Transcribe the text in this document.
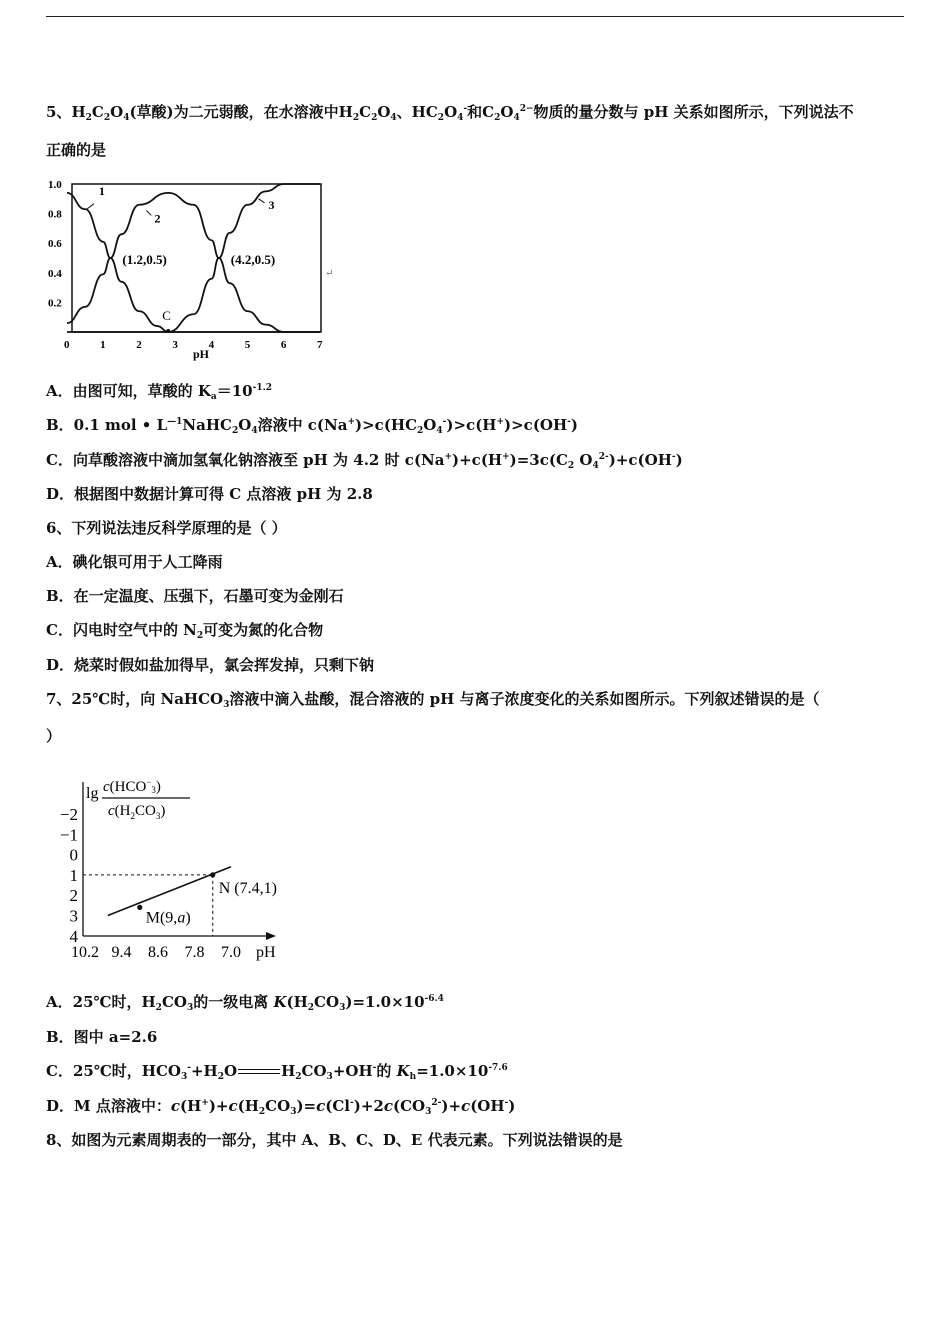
5、$H_2C_2O_4$(草酸)为二元弱酸，在水溶液中$H_2C_2O_4$、$HC_2O_4^-$和$C_2O_4^{2-}$物质的量分数与 pH 关系如图所示，下列说法不
正确的是
1.0
0.8
0.6
0.4
0.2
0	1	2	3	4	5	6	7
1
2
3
(1.2,0.5)	(4.2,0.5)
C
pH
↵
A．由图可知，草酸的 $K_a=10^{-1.2}$
B．0.1 mol • $L^{—1}NaHC_2O_4$溶液中 $c(Na^+)>c(HC_2O_4^-)>c(H^+)>c(OH^-)$
C．向草酸溶液中滴加氢氧化钠溶液至 pH 为 4.2 时 $c(Na^+)+c(H^+)=3c(C_2$ $O_4^{2-})+c(OH^-)$
D．根据图中数据计算可得 C 点溶液 pH 为 2.8
6、下列说法违反科学原理的是（ ）
A．碘化银可用于人工降雨
B．在一定温度、压强下，石墨可变为金刚石
C．闪电时空气中的 $N_2$可变为氮的化合物
D．烧菜时假如盐加得早，氯会挥发掉，只剩下钠
7、25℃时，向 NaHCO$_3$溶液中滴入盐酸，混合溶液的 pH 与离子浓度变化的关系如图所示。下列叙述错误的是（
）
$\lg c(HCO^-_3)$
$c(H_2CO_3)$
−2
−1
0
1
2
3
4
10.2 9.4 8.6 7.8 7.0
M(9,a)
N (7.4,1)
pH
A．25℃时，$H_2CO_3$的一级电离 $K(H_2CO_3)=1.0\times 10^{-6.4}$
B．图中 a=2.6
C．25℃时，$HCO_3^-+H_2O$	$H_2CO_3+OH^-$的 $K_h=1.0\times 10^{-7.6}$
D．M 点溶液中：$c(H^+)+c(H_2CO_3)=c(Cl^-)+2c(CO_3^{2-})+c(OH^-)$
8、如图为元素周期表的一部分，其中 A、B、C、D、E 代表元素。下列说法错误的是
